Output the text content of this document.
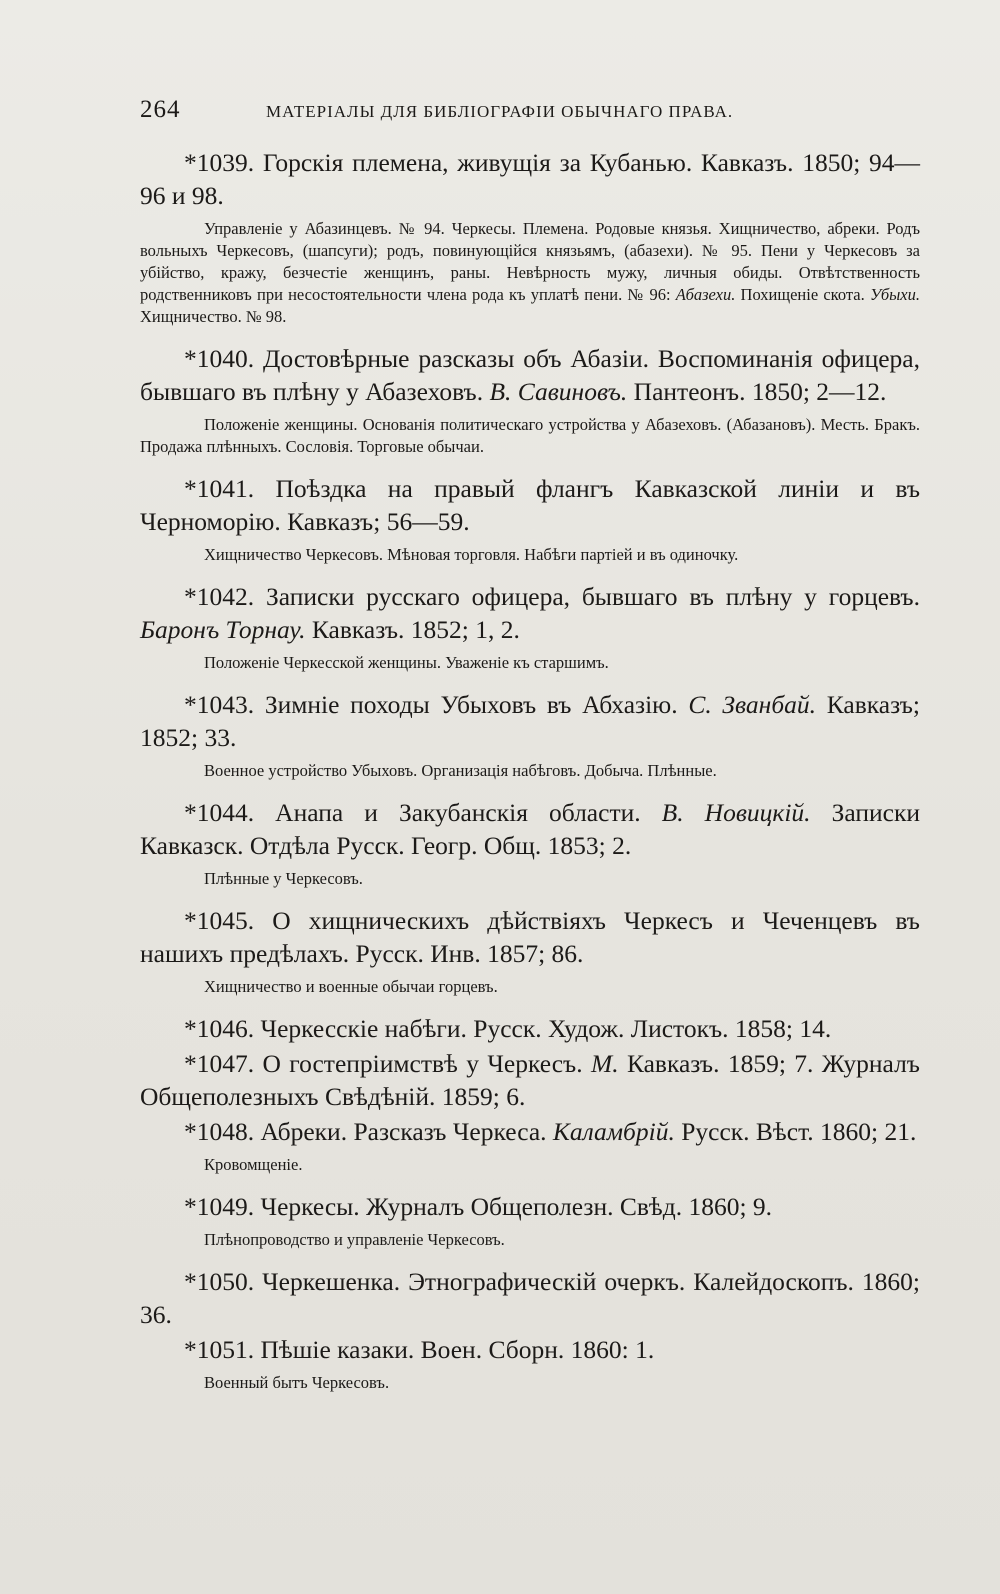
264	МАТЕРІАЛЫ ДЛЯ БИБЛІОГРАФІИ ОБЫЧНАГО ПРАВА.

*1039. Горскія племена, живущія за Кубанью. Кавказъ. 1850; 94—96 и 98.

Управленіе у Абазинцевъ. № 94. Черкесы. Племена. Родовые князья. Хищничество, абреки. Родъ вольныхъ Черкесовъ, (шапсуги); родъ, повинующійся князьямъ, (абазехи). № 95. Пени у Черкесовъ за убійство, кражу, безчестіе женщинъ, раны. Невѣрность мужу, личныя обиды. Отвѣтственность родственниковъ при несостоятельности члена рода къ уплатѣ пени. № 96: Абазехи. Похищеніе скота. Убыхи. Хищничество. № 98.

*1040. Достовѣрные разсказы объ Абазіи. Воспоминанія офицера, бывшаго въ плѣну у Абазеховъ. В. Савиновъ. Пантеонъ. 1850; 2—12.

Положеніе женщины. Основанія политическаго устройства у Абазеховъ. (Абазановъ). Месть. Бракъ. Продажа плѣнныхъ. Сословія. Торговые обычаи.

*1041. Поѣздка на правый флангъ Кавказской линіи и въ Черноморію. Кавказъ; 56—59.

Хищничество Черкесовъ. Мѣновая торговля. Набѣги партіей и въ одиночку.

*1042. Записки русскаго офицера, бывшаго въ плѣну у горцевъ. Баронъ Торнау. Кавказъ. 1852; 1, 2.

Положеніе Черкесской женщины. Уваженіе къ старшимъ.

*1043. Зимніе походы Убыховъ въ Абхазію. С. Званбай. Кавказъ; 1852; 33.

Военное устройство Убыховъ. Организація набѣговъ. Добыча. Плѣнные.

*1044. Анапа и Закубанскія области. В. Новицкій. Записки Кавказск. Отдѣла Русск. Геогр. Общ. 1853; 2.

Плѣнные у Черкесовъ.

*1045. О хищническихъ дѣйствіяхъ Черкесъ и Чеченцевъ въ нашихъ предѣлахъ. Русск. Инв. 1857; 86.

Хищничество и военные обычаи горцевъ.

*1046. Черкесскіе набѣги. Русск. Худож. Листокъ. 1858; 14.

*1047. О гостепріимствѣ у Черкесъ. М. Кавказъ. 1859; 7. Журналъ Общеполезныхъ Свѣдѣній. 1859; 6.

*1048. Абреки. Разсказъ Черкеса. Каламбрій. Русск. Вѣст. 1860; 21.

Кровомщеніе.

*1049. Черкесы. Журналъ Общеполезн. Свѣд. 1860; 9.

Плѣнопроводство и управленіе Черкесовъ.

*1050. Черкешенка. Этнографическій очеркъ. Калейдоскопъ. 1860; 36.

*1051. Пѣшіе казаки. Воен. Сборн. 1860: 1.

Военный бытъ Черкесовъ.
